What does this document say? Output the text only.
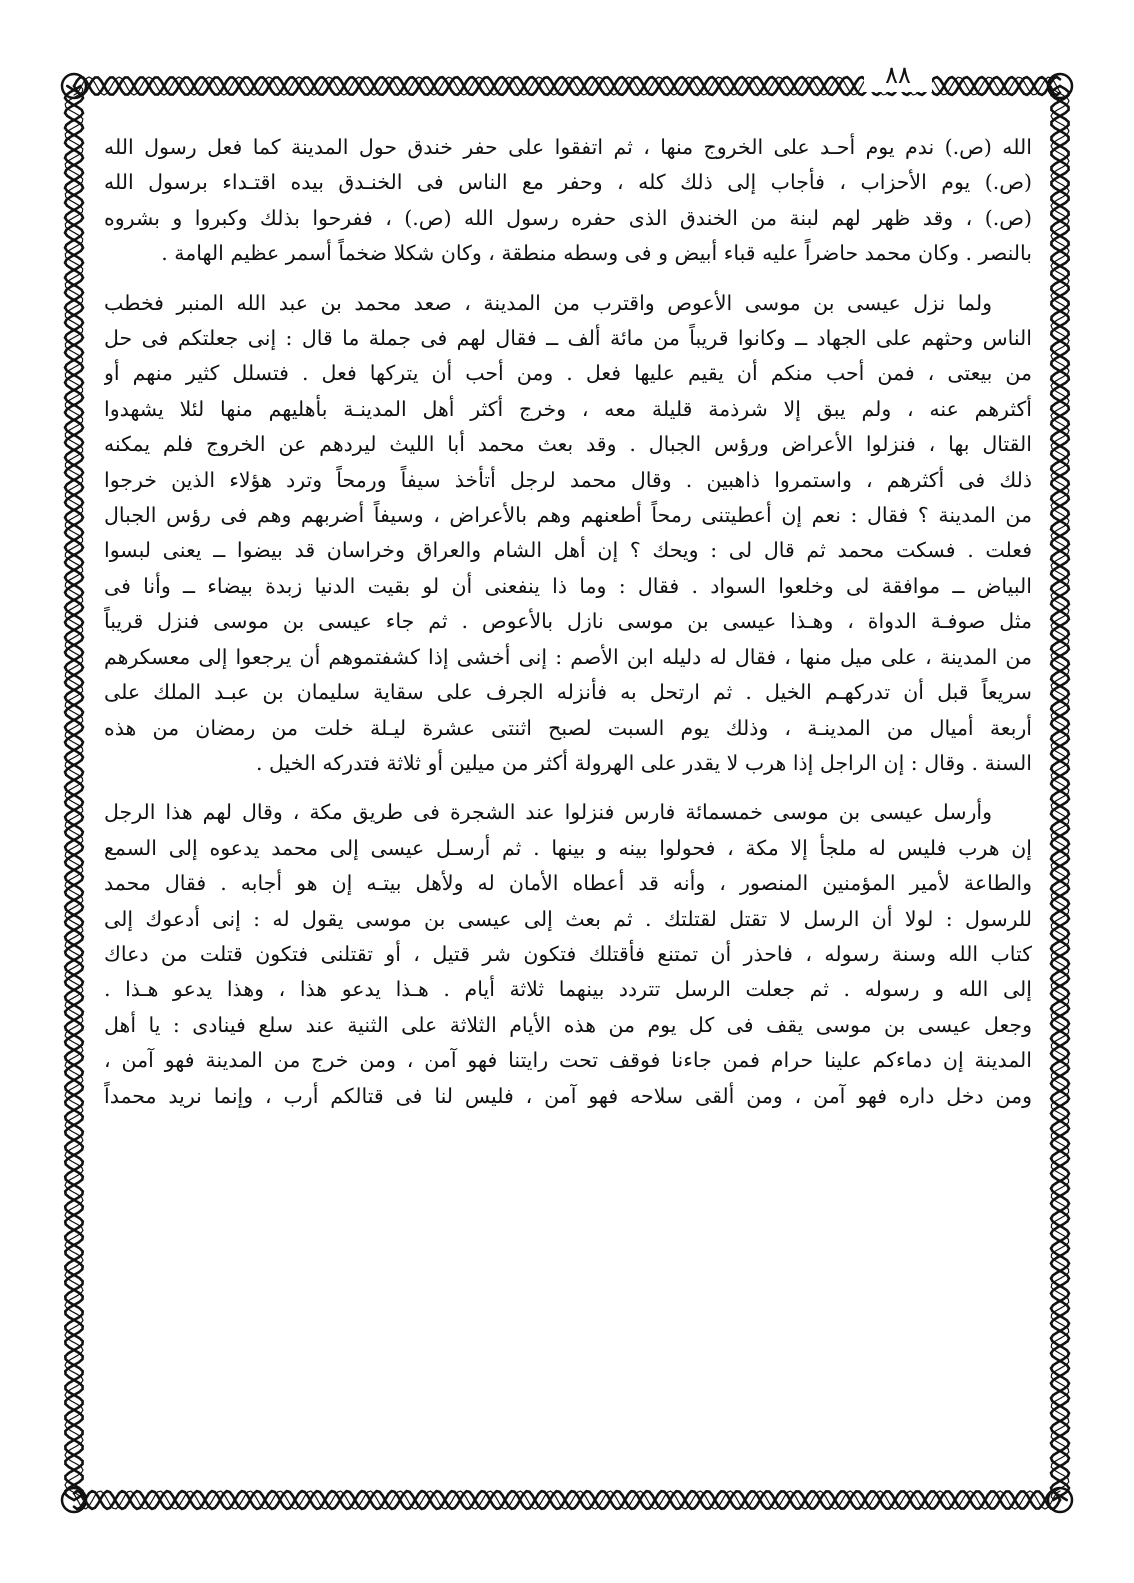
٨٨

الله (ص.) ندم يوم أحـد على الخروج منها ، ثم اتفقوا على حفر خندق حول المدينة كما فعل رسول الله

(ص.) يوم الأحزاب ، فأجاب إلى ذلك كله ، وحفر مع الناس فى الخنـدق بيده اقتـداء برسول الله

(ص.) ، وقد ظهر لهم لبنة من الخندق الذى حفره رسول الله (ص.) ، ففرحوا بذلك وكبروا و بشروه

بالنصر . وكان محمد حاضراً عليه قباء أبيض و فى وسطه منطقة ، وكان شكلا ضخماً أسمر عظيم الهامة .

ولما نزل عيسى بن موسى الأعوص واقترب من المدينة ، صعد محمد بن عبد الله المنبر فخطب

الناس وحثهم على الجهاد ــ وكانوا قريباً من مائة ألف ــ فقال لهم فى جملة ما قال : إنى جعلتكم فى حل

من بيعتى ، فمن أحب منكم أن يقيم عليها فعل . ومن أحب أن يتركها فعل . فتسلل كثير منهم أو

أكثرهم عنه ، ولم يبق إلا شرذمة قليلة معه ، وخرج أكثر أهل المدينـة بأهليهم منها لئلا يشهدوا

القتال بها ، فنزلوا الأعراض ورؤس الجبال . وقد بعث محمد أبا الليث ليردهم عن الخروج فلم يمكنه

ذلك فى أكثرهم ، واستمروا ذاهبين . وقال محمد لرجل أتأخذ سيفاً ورمحاً وترد هؤلاء الذين خرجوا

من المدينة ؟ فقال : نعم إن أعطيتنى رمحاً أطعنهم وهم بالأعراض ، وسيفاً أضربهم وهم فى رؤس الجبال

فعلت . فسكت محمد ثم قال لى : ويحك ؟ إن أهل الشام والعراق وخراسان قد بيضوا ــ يعنى لبسوا

البياض ــ موافقة لى وخلعوا السواد . فقال : وما ذا ينفعنى أن لو بقيت الدنيا زبدة بيضاء ــ وأنا فى

مثل صوفـة الدواة ، وهـذا عيسى بن موسى نازل بالأعوص . ثم جاء عيسى بن موسى فنزل قريباً

من المدينة ، على ميل منها ، فقال له دليله ابن الأصم : إنى أخشى إذا كشفتموهم أن يرجعوا إلى معسكرهم

سريعاً قبل أن تدركهـم الخيل . ثم ارتحل به فأنزله الجرف على سقاية سليمان بن عبـد الملك على

أربعة أميال من المدينـة ، وذلك يوم السبت لصبح اثنتى عشرة ليـلة خلت من رمضان من هذه

السنة . وقال : إن الراجل إذا هرب لا يقدر على الهرولة أكثر من ميلين أو ثلاثة فتدركه الخيل .

وأرسل عيسى بن موسى خمسمائة فارس فنزلوا عند الشجرة فى طريق مكة ، وقال لهم هذا الرجل

إن هرب فليس له ملجأ إلا مكة ، فحولوا بينه و بينها . ثم أرسـل عيسى إلى محمد يدعوه إلى السمع

والطاعة لأمير المؤمنين المنصور ، وأنه قد أعطاه الأمان له ولأهل بيتـه إن هو أجابه . فقال محمد

للرسول : لولا أن الرسل لا تقتل لقتلتك . ثم بعث إلى عيسى بن موسى يقول له : إنى أدعوك إلى

كتاب الله وسنة رسوله ، فاحذر أن تمتنع فأقتلك فتكون شر قتيل ، أو تقتلنى فتكون قتلت من دعاك

إلى الله و رسوله . ثم جعلت الرسل تتردد بينهما ثلاثة أيام . هـذا يدعو هذا ، وهذا يدعو هـذا .

وجعل عيسى بن موسى يقف فى كل يوم من هذه الأيام الثلاثة على الثنية عند سلع فينادى : يا أهل

المدينة إن دماءكم علينا حرام فمن جاءنا فوقف تحت رايتنا فهو آمن ، ومن خرج من المدينة فهو آمن ،

ومن دخل داره فهو آمن ، ومن ألقى سلاحه فهو آمن ، فليس لنا فى قتالكم أرب ، وإنما نريد محمداً
